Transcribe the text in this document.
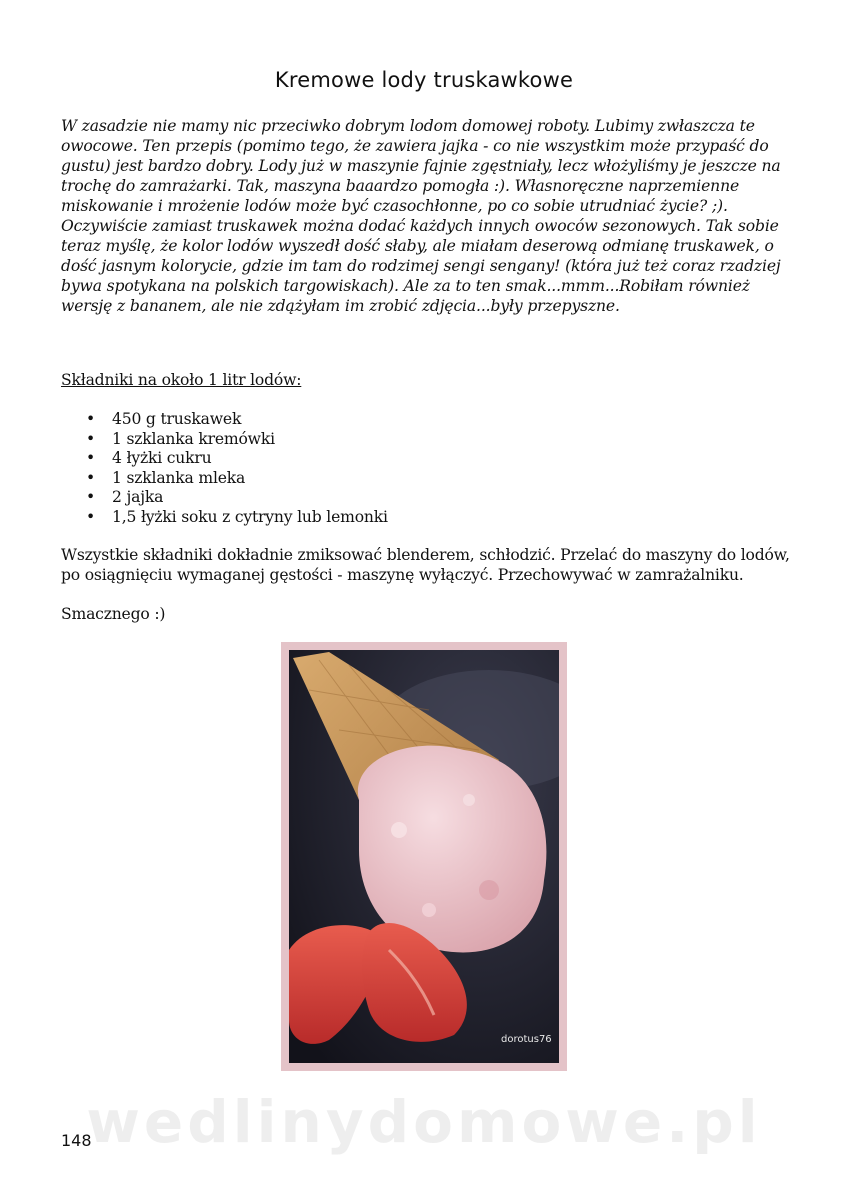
Kremowe lody truskawkowe

W zasadzie nie mamy nic przeciwko dobrym lodom domowej roboty. Lubimy zwłaszcza te owocowe. Ten przepis (pomimo tego, że zawiera jajka - co nie wszystkim może przypaść do gustu) jest bardzo dobry. Lody już w maszynie fajnie zgęstniały, lecz włożyliśmy je jeszcze na trochę do zamrażarki. Tak, maszyna baaardzo pomogła :). Własnoręczne naprzemienne miskowanie i mrożenie lodów może być czasochłonne, po co sobie utrudniać życie? ;). Oczywiście zamiast truskawek można dodać każdych innych owoców sezonowych. Tak sobie teraz myślę, że kolor lodów wyszedł dość słaby, ale miałam deserową odmianę truskawek, o dość jasnym kolorycie, gdzie im tam do rodzimej sengi sengany! (która już też coraz rzadziej bywa spotykana na polskich targowiskach). Ale za to ten smak...mmm...Robiłam również wersję z bananem, ale nie zdążyłam im zrobić zdjęcia...były przepyszne.

Składniki na około 1 litr lodów:

• 450 g truskawek
• 1 szklanka kremówki
• 4 łyżki cukru
• 1 szklanka mleka
• 2 jajka
• 1,5 łyżki soku z cytryny lub lemonki

Wszystkie składniki dokładnie zmiksować blenderem, schłodzić. Przelać do maszyny do lodów, po osiągnięciu wymaganej gęstości - maszynę wyłączyć. Przechowywać w zamrażalniku.

Smacznego :)

dorotus76
wedlinydomowe.pl
148
